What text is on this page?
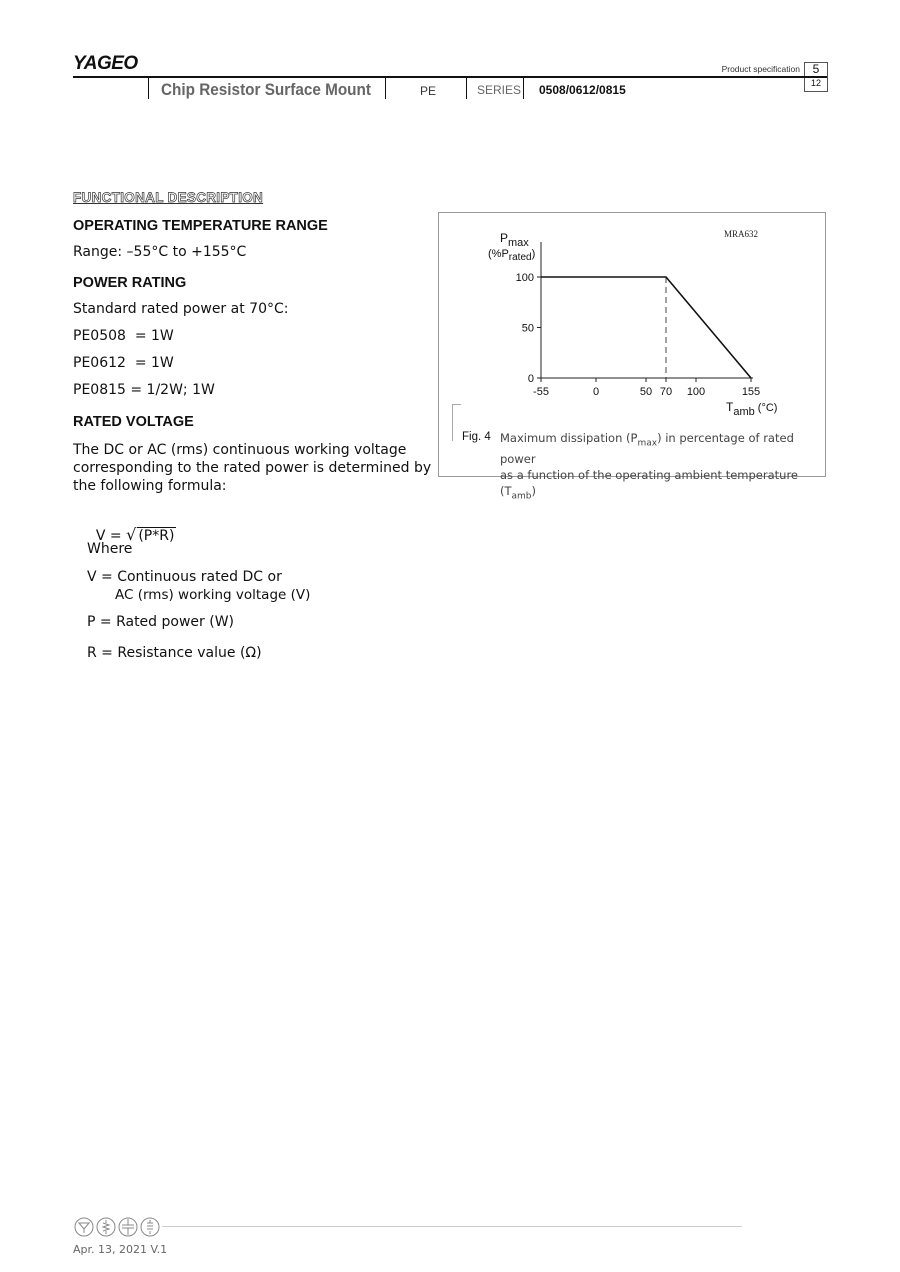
YAGEO	Product specification	5
12
Chip Resistor Surface Mount	PE	SERIES 0508/0612/0815
FUNCTIONAL DESCRIPTION
OPERATING TEMPERATURE RANGE
Range: –55°C to +155°C
POWER RATING
Standard rated power at 70°C:
PE0508  = 1W
PE0612  = 1W
PE0815 = 1/2W; 1W
RATED VOLTAGE
The DC or AC (rms) continuous working voltage corresponding to the rated power is determined by the following formula:

V = √ (P*R)

Where
V = Continuous rated DC or
AC (rms) working voltage (V)
P = Rated power (W)
R = Resistance value (Ω)
-55	0	50 70 100	155
0
50
100
Pmax
(%Prated)
Tamb (°C)
MRA632
Fig. 4 Maximum dissipation $(P_{max})$ in percentage of rated power
as a function of the operating ambient temperature $(T_{amb})$
Apr. 13, 2021 V.1
